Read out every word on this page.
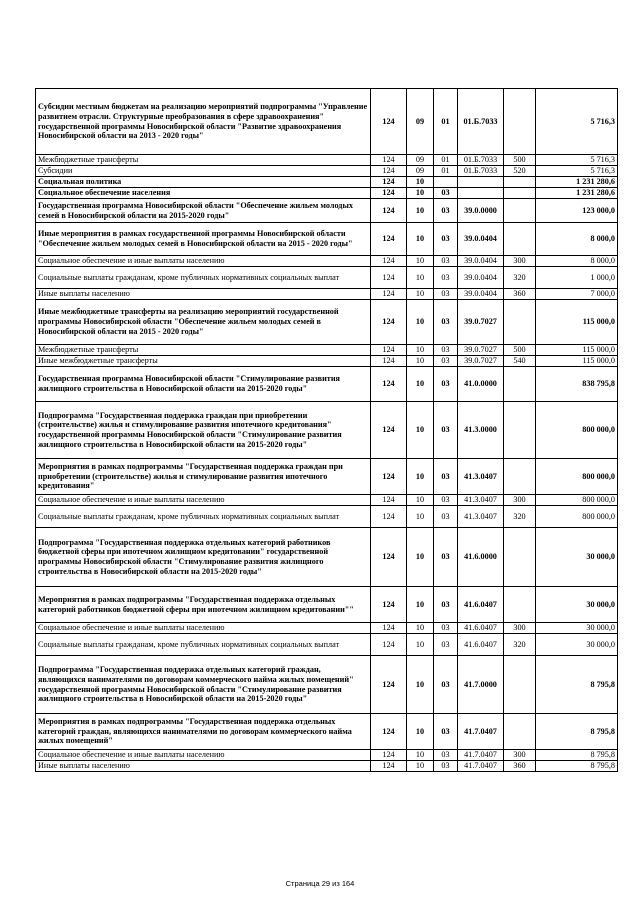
Субсидии местным бюджетам на реализацию мероприятий подпрограммы "Управление развитием отрасли. Структурные преобразования в сфере здравоохранения" государственной программы Новосибирской области "Развитие здравоохранения Новосибирской области на 2013 - 2020 годы"	124	09	01	01.Б.7033		5 716,3
Межбюджетные трансферты	124	09	01	01.Б.7033	500	5 716,3
Субсидии	124	09	01	01.Б.7033	520	5 716,3
Социальная политика	124	10				1 231 280,6
Социальное обеспечение населения	124	10	03			1 231 280,6
Государственная программа Новосибирской области "Обеспечение жильем молодых семей в Новосибирской области на 2015-2020 годы"	124	10	03	39.0.0000		123 000,0
Иные мероприятия в рамках государственной программы Новосибирской области "Обеспечение жильем молодых семей в Новосибирской области на 2015 - 2020 годы"	124	10	03	39.0.0404		8 000,0
Социальное обеспечение и иные выплаты населению	124	10	03	39.0.0404	300	8 000,0
Социальные выплаты гражданам, кроме публичных нормативных социальных выплат	124	10	03	39.0.0404	320	1 000,0
Иные выплаты населению	124	10	03	39.0.0404	360	7 000,0
Иные межбюджетные трансферты на реализацию мероприятий государственной программы Новосибирской области "Обеспечение жильем молодых семей в Новосибирской области на 2015 - 2020 годы"	124	10	03	39.0.7027		115 000,0
Межбюджетные трансферты	124	10	03	39.0.7027	500	115 000,0
Иные межбюджетные трансферты	124	10	03	39.0.7027	540	115 000,0
Государственная программа Новосибирской области "Стимулирование развития жилищного строительства в Новосибирской области на 2015-2020 годы"	124	10	03	41.0.0000		838 795,8
Подпрограмма "Государственная поддержка граждан при приобретении (строительстве) жилья и стимулирование развития ипотечного кредитования" государственной программы Новосибирской области "Стимулирование развития жилищного строительства в Новосибирской области на 2015-2020 годы"	124	10	03	41.3.0000		800 000,0
Мероприятия в рамках подпрограммы "Государственная поддержка граждан при приобретении (строительстве) жилья и стимулирование развития ипотечного кредитования"	124	10	03	41.3.0407		800 000,0
Социальное обеспечение и иные выплаты населению	124	10	03	41.3.0407	300	800 000,0
Социальные выплаты гражданам, кроме публичных нормативных социальных выплат	124	10	03	41.3.0407	320	800 000,0
Подпрограмма "Государственная поддержка отдельных категорий работников бюджетной сферы при ипотечном жилищном кредитовании" государственной программы Новосибирской области "Стимулирование развития жилищного строительства в Новосибирской области на 2015-2020 годы"	124	10	03	41.6.0000		30 000,0
Мероприятия в рамках подпрограммы "Государственная поддержка отдельных категорий работников бюджетной сферы при ипотечном жилищном кредитовании""	124	10	03	41.6.0407		30 000,0
Социальное обеспечение и иные выплаты населению	124	10	03	41.6.0407	300	30 000,0
Социальные выплаты гражданам, кроме публичных нормативных социальных выплат	124	10	03	41.6.0407	320	30 000,0
Подпрограмма "Государственная поддержка отдельных категорий граждан, являющихся нанимателями по договорам коммерческого найма жилых помещений" государственной программы Новосибирской области "Стимулирование развития жилищного строительства в Новосибирской области на 2015-2020 годы"	124	10	03	41.7.0000		8 795,8
Мероприятия в рамках подпрограммы "Государственная поддержка отдельных категорий граждан, являющихся нанимателями по договорам коммерческого найма жилых помещений"	124	10	03	41.7.0407		8 795,8
Социальное обеспечение и иные выплаты населению	124	10	03	41.7.0407	300	8 795,8
Иные выплаты населению	124	10	03	41.7.0407	360	8 795,8
Страница 29 из 164
